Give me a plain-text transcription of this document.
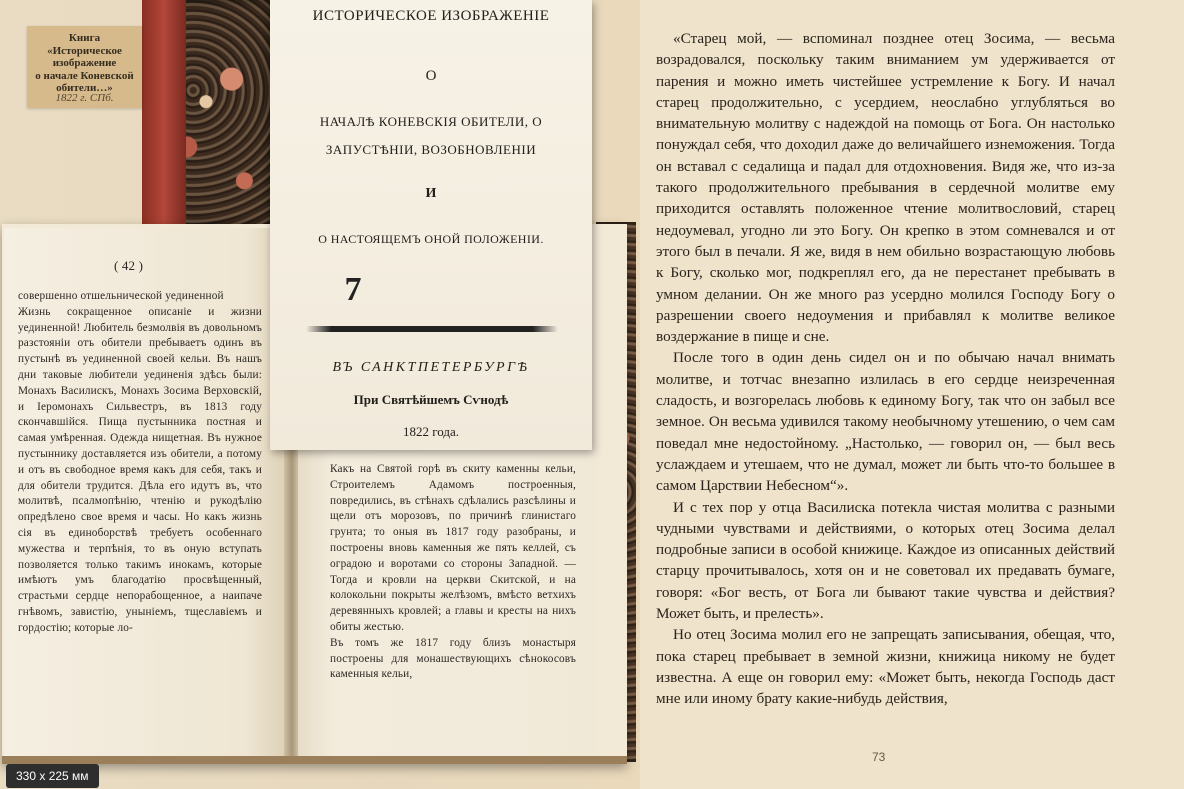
Книга
«Историческое
изображение
о начале Коневской обители…»
1822 г. СПб.
( 42 )
совершенно отшельнической уединенной
Жизнь сокращенное описанiе и жизни уединенной! Любитель безмолвiя въ довольномъ разстоянiи отъ обители пребываетъ одинъ въ пустынѣ въ уединенной своей кельи. Въ нашъ дни таковые любители уединенiя здѣсь были: Монахъ Василискъ, Монахъ Зосима Верховскiй, и Iеромонахъ Сильвестръ, въ 1813 году скончавшiйся. Пища пустынника постная и самая умѣренная. Одежда нищетная. Въ нужное пустыннику доставляется изъ обители, а потому и отъ въ свободное время какъ для себя, такъ и для обители трудится. Дѣла его идутъ въ, что молитвѣ, псалмопѣнiю, чтенiю и рукодѣлiю опредѣлено свое время и часы. Но какъ жизнь сiя въ единоборствѣ требуетъ особеннаго мужества и терпѣнiя, то въ оную вступать позволяется только такимъ инокамъ, которые имѣютъ умъ благодатiю просвѣщенный, страстьми сердце непорабощенное, а наипаче гнѣвомъ, завистiю, унынiемъ, тщеславiемъ и гордостiю; которые ло-
Какъ на Святой горѣ въ скиту каменны кельи, Строителемъ Адамомъ построенныя, повредились, въ стѣнахъ сдѣлались разсѣлины и щели отъ морозовъ, по причинѣ глинистаго грунта; то оныя въ 1817 году разобраны, и построены вновь каменныя же пять келлей, съ оградою и воротами со стороны Западной. — Тогда и кровли на церкви Скитской, и на колокольни покрыты желѣзомъ, вмѣсто ветхихъ деревянныхъ кровлей; а главы и кресты на нихъ обиты жестью.
Въ томъ же 1817 году близъ монастыря построены для монашествующихъ сѣнокосовъ каменныя кельи,
ИСТОРИЧЕСКОЕ ИЗОБРАЖЕНIЕ
О
НАЧАЛѢ КОНЕВСКIЯ ОБИТЕЛИ, О
ЗАПУСТѢНIИ, ВОЗОБНОВЛЕНIИ
И
О НАСТОЯЩЕМЪ ОНОЙ ПОЛОЖЕНIИ.
7
ВЪ САНКТПЕТЕРБУРГѢ
При Святѣйшемъ Сѵнодѣ
1822 года.
330 x 225 мм

«Старец мой, — вспоминал позднее отец Зосима, — весьма возрадовался, поскольку таким вниманием ум удерживается от парения и можно иметь чистейшее устремление к Богу. И начал старец продолжительно, с усердием, неослабно углубляться во внимательную молитву с надеждой на помощь от Бога. Он настолько понуждал себя, что доходил даже до величайшего изнеможения. Тогда он вставал с седалища и падал для отдохновения. Видя же, что из-за такого продолжительного пребывания в сердечной молитве ему приходится оставлять положенное чтение молитвословий, старец недоумевал, угодно ли это Богу. Он крепко в этом сомневался и от этого был в печали. Я же, видя в нем обильно возрастающую любовь к Богу, сколько мог, подкреплял его, да не перестанет пребывать в умном делании. Он же много раз усердно молился Господу Богу о разрешении своего недоумения и прибавлял к молитве великое воздержание в пище и сне.

После того в один день сидел он и по обычаю начал внимать молитве, и тотчас внезапно излилась в его сердце неизреченная сладость, и возгорелась любовь к единому Богу, так что он забыл все земное. Он весьма удивился такому необычному утешению, о чем сам поведал мне недостойному. „Настолько, — говорил он, — был весь услаждаем и утешаем, что не думал, может ли быть что-то большее в самом Царствии Небесном“».

И с тех пор у отца Василиска потекла чистая молитва с разными чудными чувствами и действиями, о которых отец Зосима делал подробные записи в особой книжице. Каждое из описанных действий старцу прочитывалось, хотя он и не советовал их предавать бумаге, говоря: «Бог весть, от Бога ли бывают такие чувства и действия? Может быть, и прелесть».

Но отец Зосима молил его не запрещать записывания, обещая, что, пока старец пребывает в земной жизни, книжица никому не будет известна. А еще он говорил ему: «Может быть, некогда Господь даст мне или иному брату какие-нибудь действия,

73
